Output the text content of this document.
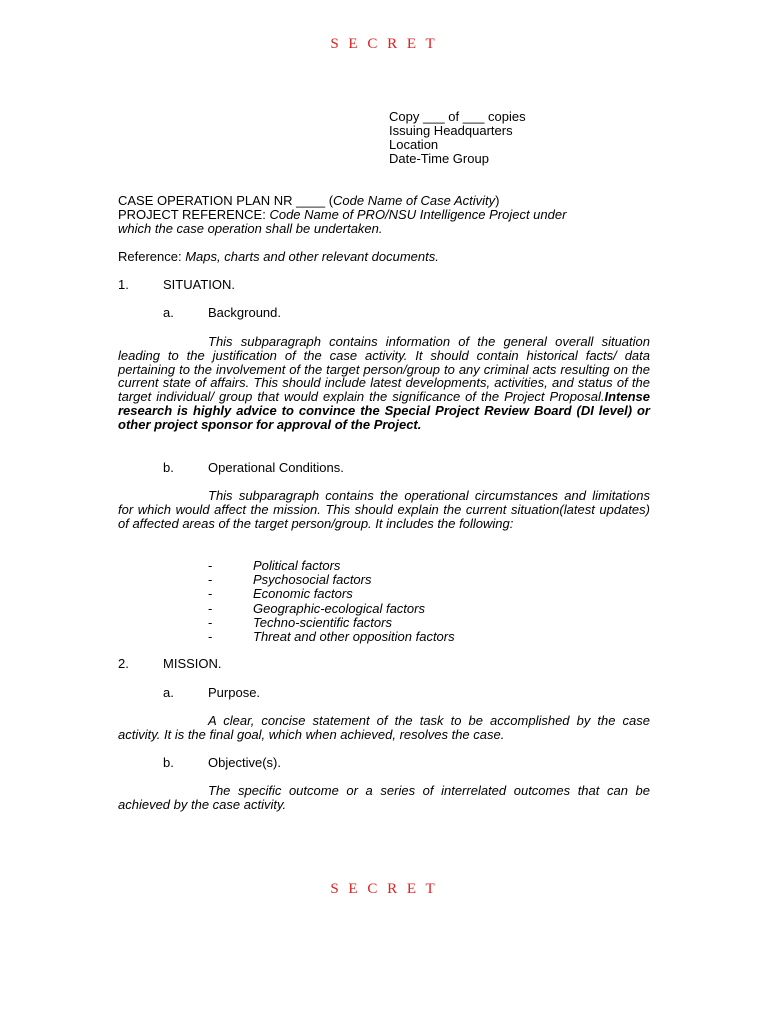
S E C R E T
Copy ___ of ___ copies
Issuing Headquarters
Location
Date-Time Group
CASE OPERATION PLAN NR ____ (Code Name of Case Activity)
PROJECT REFERENCE: Code Name of PRO/NSU Intelligence Project under
which the case operation shall be undertaken.
Reference: Maps, charts and other relevant documents.
1.	SITUATION.
a.	Background.

This subparagraph contains information of the general overall situation leading to the justification of the case activity. It should contain historical facts/ data pertaining to the involvement of the target person/group to any criminal acts resulting on the current state of affairs. This should include latest developments, activities, and status of the target individual/ group that would explain the significance of the Project Proposal.Intense research is highly advice to convince the Special Project Review Board (DI level) or other project sponsor for approval of the Project.

b.	Operational Conditions.

This subparagraph contains the operational circumstances and limitations for which would affect the mission. This should explain the current situation(latest updates) of affected areas of the target person/group. It includes the following:

-	Political factors
-	Psychosocial factors
-	Economic factors
-	Geographic-ecological factors
-	Techno-scientific factors
-	Threat and other opposition factors
2.	MISSION.
a.	Purpose.

A clear, concise statement of the task to be accomplished by the case activity. It is the final goal, which when achieved, resolves the case.

b.	Objective(s).

The specific outcome or a series of interrelated outcomes that can be achieved by the case activity.

S E C R E T
